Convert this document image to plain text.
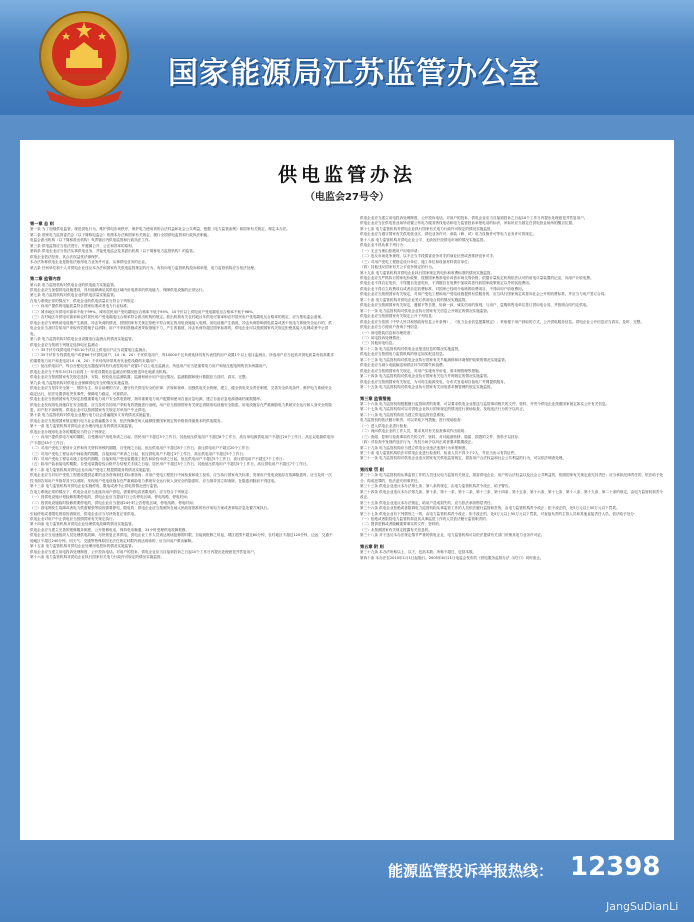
国家能源局江苏监管办公室
供电监管办法
（电监会27号令）
第一章 总 则

第一条 为了加强供电监管，规范供电行为，维护供电市场秩序，保护电力使用者的合法权益和社会公共利益，根据《电力监管条例》和国家有关规定，制定本办法。

第二条 国家电力监管委员会（以下简称电监会）依照本办法和国家有关规定，履行全国供电监管和行政执法职能。

电监会派出机构（以下简称派出机构）负责辖区内供电监管和行政执法工作。

第三条 供电监管应当依法进行，并遵循公开、公正和效率的原则。

第四条 供电企业应当依法从事供电业务，并接受电监会及其派出机构（以下简称电力监管机构）的监管。

供电企业依法经营，其合法权益受法律保护。

本办法所称供电企业是指依法取得电力业务许可证、从事供电业务的企业。

第五条 任何单位和个人对供电企业违反本办法和国家有关供电监管规定的行为，有权向电力监管机构投诉和举报，电力监管机构应当依法处理。

第二章 监管内容

第六条 电力监管机构对供电企业的供电能力实施监管。

供电企业应当加强供电设施建设，具有能够满足其供电区域内用电需求的供电能力，保障供电设施的正常运行。

第七条 电力监管机构对供电企业的供电质量实施监管。

在电力系统正常的情况下，供电企业的供电质量应当符合下列规定：

（一）向用户提供的电能质量符合国家标准或者电力行业标准；

（二）城市地区年供电可靠率不低于99%，城市居民用户受电端电压合格率不低于95%，10千伏以上供电用户受电端电压合格率不低于98%；

（三）农村地区年供电可靠率和农村居民用户受电端电压合格率符合派出机构的规定。派出机构有关农村地区年供电可靠率和农村居民用户受电端电压合格率的规定，应当报电监会备案。

供电企业应当审核用电设施产生谐波、冲击负荷的情况，按照国家有关规定拒绝不符合规定的用电设施接入电网。用电设施产生谐波、冲击负荷影响供电质量或者干扰电力系统安全运行的，供电企业应当及时告知用户采取有效措施予以消除；用户不采取措施或者采取措施不力，产生的谐波、冲击负荷仍超过国家标准的，供电企业可以按照国家有关规定拒绝其接入电网或者中止供电。

第八条 电力监管机构对供电企业设置电压监测点的情况实施监管。

供电企业应当按照下列规定选择电压监测点：

（一）35千伏专线供电用户和110千伏以上供电用户应当设置电压监测点；

（二）35千伏非专线供电用户或者66千伏供电用户、10（6、20）千伏供电用户，每10000千瓦负荷选择具有代表性的用户设置1个以上电压监测点，所选用户应当包括对供电质量有较高要求的重要电力用户和变电站10（6、20）千伏母线所带具有代表性线路的末端用户；

（三）低压供电用户，每百台配电变压器选择具有代表性的用户设置1个以上电压监测点，所选用户应当是重要电力用户和低压配电网的首末两端用户。

供电企业应当于每年3月31日前将上一年度设置电压监测点的情况报送所在地派出机构。

供电企业应当按照国家有关规定选择、安装、校验电压监测装置，监测和统计用户电压情况。监测数据和统计数据应当及时、真实、完整。

第九条 电力监管机构对供电企业保障供电安全的情况实施监管。

供电企业应当坚持安全第一、预防为主、综合治理的方针，遵守有关供电安全的法律、法规和规章，加强供电安全管理，建立、健全供电安全责任制度，完善安全供电条件，维护电力系统安全稳定运行，依法处置供电突发事件，保障电力稳定、可靠供应。

供电企业应当按照国家有关规定加强重要电力用户安全供电管理，指导重要电力用户配置和使用自备应急电源，建立自备应急电源基础档案数据库。

供电企业发现用电设施存在安全隐患，应当及时告知用户采取有效措施进行治理。用户应当按照国家有关规定消除用电设施安全隐患。用电设施存在严重威胁电力系统安全运行和人身安全的隐患，用户拒不治理的，供电企业可以按照国家有关规定对该用户中止供电。

第十条 电力监管机构对供电企业履行电力社会普遍服务义务的情况实施监管。

供电企业应当按照国家规定履行电力社会普遍服务义务，依法保障任何人能够按照国家规定的价格获得最基本的供电服务。

第十一条 电力监管机构对供电企业办理用电业务的情况实施监管。

供电企业办理用电业务的期限应当符合下列规定：

（一）向用户提供供电方案的期限，自受理用户用电申请之日起，居民用户不超过3个工作日，其他低压供电用户不超过8个工作日，高压单电源供电用户不超过20个工作日，高压双电源供电用户不超过45个工作日；

（二）对用户受电工程设计文件和有关资料审核的期限，自受理之日起，低压供电用户不超过8个工作日，高压供电用户不超过20个工作日；

（三）对用户受电工程启动中间检查的期限，自接到用户申请之日起，低压供电用户不超过3个工作日，高压供电用户不超过5个工作日；

（四）对用户受电工程启动竣工检验的期限，自接到用户受电装置竣工报告和检验申请之日起，低压供电用户不超过5个工作日，高压供电用户不超过7个工作日；

（五）给用户装表接电的期限，自受电装置检验合格并办结相关手续之日起，居民用户不超过3个工作日，其他低压供电用户不超过5个工作日，高压供电用户不超过7个工作日。

第十二条 电力监管机构对供电企业向用户受电工程提供服务的情况实施监管。

供电企业应当对用户受电工程建设提供必要的业务咨询和技术标准咨询；对用户受电工程进行中间检查和竣工检验，应当执行国家有关标准；发现用户受电设施存在故障隐患时，应当及时一次性书面告知用户并指导其予以消除；发现用户受电设施存在严重威胁电力系统安全运行和人身安全的隐患时，应当指导其立即消除，在隐患消除前不得送电。

第十三条 电力监管机构对供电企业实施停电、限电或者中止供电的情况进行监管。

在电力系统正常的情况下，供电企业应当连续向用户供电。需要停电或者限电的，应当符合下列规定：

（一）因供电设施计划检修需要停电的，供电企业应当提前7日公告停电区域、停电线路、停电时间；

（二）因供电设施临时检修需要停电的，供电企业应当提前24小时公告停电区域、停电线路、停电时间；

（三）因电网发生故障或者电力供需紧张等原因需要停电、限电的，供电企业应当按照所在地人民政府批准的有序用电方案或者事故应急处置方案执行。

引起停电或者限电的原因消除后，供电企业应当尽快恢复正常供电。

供电企业对用户中止供电应当按照国家有关规定执行。

第十四条 电力监管机构对供电企业处理供电故障的情况实施监管。

供电企业应当建立完善的报修服务制度，公开报修电话，保持电话畅通，24小时受理供电故障报修。

供电企业应当迅速组织人员处理供电故障，尽快恢复正常供电。供电企业工作人员到达现场抢修的时限，自接到报修之时起，城区范围不超过60分钟，农村地区不超过120分钟，边远、交通不便地区不超过240分钟。因天气、交通等特殊原因无法在规定时限内到达现场的，应当向用户做出解释。

第十五条 电力监管机构对供电企业处理用电投诉的情况实施监管。

供电企业应当建立用电投诉处理制度，公开投诉电话。对用户的投诉，供电企业应当自接到投诉之日起10个工作日内提出处理意见并答复用户。

第十六条 电力监管机构对供电企业执行国家有关电力行政许可规定的情况实施监管。

供电企业应当建立用电投诉处理制度，公开投诉电话。对用户的投诉，供电企业应当自接到投诉之日起10个工作日内提出处理意见并答复用户。

供电企业应当在供电营业场所设置公布电力服务热线电话和电力监管投诉举报电话的标识，该标识应当固定在供电营业场所的醒目位置。

第十七条 电力监管机构对供电企业执行国家有关电力行政许可规定的情况实施监管。

供电企业应当遵守国家有关供电营业区、供电业务许可、承装（修、试）电力设施许可等电力业务许可的规定。

第十八条 电力监管机构对供电企业公平、无歧视开放供电市场的情况实施监管。

供电企业不得从事下列行为：

（一）无正当理由拒绝用户用电申请；

（二）违反市场竞争规则，以不正当手段损害竞争对手的商业信誉或者排挤竞争对手；

（三）对用户受电工程指定设计单位、施工单位和设备材料供应单位；

（四）其他违反国家有关公平竞争规定的行为。

第十九条 电力监管机构对供电企业执行国家规定的电价和收费标准的情况实施监管。

供电企业应当严格执行国家电价政策，按照国家核准电价或者市场交易价格，依据计量检定机构依法认可的用电计量装置的记录，向用户计收电费。

供电企业不得自定电价，不得擅自变更电价，不得擅自在电费中加收或者代收国家政策规定以外的其他费用。

供电企业不得自立收费项目或者自定收费标准，对国家已经明令取缔的收费项目，不得向用户收取费用。

供电企业应当按照国家有关规定，对用户受电工程和用户受电设施提供有偿服务的，应当执行国家规定或者向社会公开的收费标准，并应当与用户签订合同。

第二十条 电力监管机构对供电企业签订供用电合同的情况实施监管。

供电企业应当按照国家有关规定，遵循平等自愿、协商一致、诚实信用的原则，与用户、趸购转售电单位签订供用电合同，并按照合同约定供电。

第二十一条 电力监管机构对供电企业执行国家有关信息公开规定的情况实施监管。

供电企业应当按照国家有关规定公开下列信息：

供电企业应当依照《中华人民共和国政府信息公开条例》、《电力企业信息披露规定》，采取便于用户获取的方式，公开供电服务信息。供电企业公开信息应当真实、及时、完整。

供电企业应当方便用户查询下列信息：

（一）用电报装信息和办理进度；

（二）用电投诉处理情况；

（三）其他用电信息。

第二十二条 电力监管机构对供电企业报送信息的情况实施监管。

供电企业应当按照电力监管机构的规定如实报送信息。

第二十三条 电力监管机构对供电企业执行国家有关节能减排和环境保护政策的情况实施监管。

供电企业应当减少电能输送和供应环节的损失和浪费。

供电企业应当按照国家有关规定，对用户实施有序用电、需求侧管理等措施。

第二十四条 电力监管机构对供电企业执行国家有关电力并网规定的情况实施监管。

供电企业应当按照国家有关规定，为可再生能源发电、分布式发电和自备电厂并网提供服务。

第二十五条 电力监管机构对供电企业执行国家有关用电需求侧管理的规定实施监管。

第三章 监管措施

第二十六条 电力监管机构根据履行监管职责的需要，可以要求供电企业报送与监管事项相关的文件、资料，并责令供电企业按照国家规定如实公开有关信息。

第二十七条 电力监管机构可以对供电企业执行国家规定的情况进行现场检查，发现违法行为的予以纠正。

第二十八条 电力监管机构应当建立供电监管信息系统。

电力监管机构依法履行职责，可以采取下列措施，进行现场检查：

（一）进入供电企业进行检查；

（二）询问供电企业的工作人员，要求其对有关检查事项作出说明；

（三）查阅、复制与检查事项有关的文件、资料，对可能被转移、隐匿、损毁的文件、资料予以封存；

（四）对检查中发现的违法行为，有权当场予以纠正或者要求限期改正。

第二十九条 电力监管机构应当建立供电企业违法违规行为举报制度。

第三十条 电力监管机构依法对供电企业进行检查时，检查人员不得少于2人，并应当出示有效证件。

第三十一条 电力监管机构对供电企业违反国家有关供电监管规定，损害用户合法权益和社会公共利益的行为，可以依法调查处理。

第四章 罚 则

第三十二条 电力监管机构从事监管工作的人员违反电力监管有关规定，损害供电企业、用户的合法权益以及社会公共利益的，依照国家有关规定追究其责任；应当承担纪律责任的，依法给予处分；构成犯罪的，依法追究刑事责任。

第三十三条 供电企业违反本办法第七条、第八条的规定，由电力监管机构责令改正，给予警告。

第三十四条 供电企业违反本办法第九条、第十条、第十一条、第十二条、第十三条、第十四条、第十五条、第十六条、第十七条、第十八条、第十九条、第二十条的规定，由电力监管机构责令改正。

第三十五条 供电企业违反本办法规定，给用户造成损失的，应当依法承担赔偿责任。

第三十六条 供电企业拒绝或者阻碍电力监管机构从事监管工作的人员依法履行监管职责的，由电力监管机构责令改正；拒不改正的，处5万元以上50万元以下罚款。

第三十七条 供电企业有下列情形之一的，由电力监管机构责令改正；拒不改正的，处5万元以上50万元以下罚款，对直接负责的主管人员和其他直接责任人员，依法给予处分：

（一）拒绝或者阻挠电力监管机构及其从事监管工作的人员依法履行监管职责的；

（二）提供虚假或者隐瞒重要事实的文件、资料的；

（三）未按照国家有关规定披露有关信息的。

第三十八条 对于违反本办法规定情节严重的供电企业，电力监管机构可以依法提请有关部门吊销其电力业务许可证。

第五章 附 则

第三十九条 本办法所称以上、以下，包括本数；所称不超过，包括本数。

第四十条 本办法自2010年1月1日起施行。2005年6月21日电监会发布的《供电服务监管办法（试行）》同时废止。

能源监管投诉举报热线： 12398
JangSuDianLi
